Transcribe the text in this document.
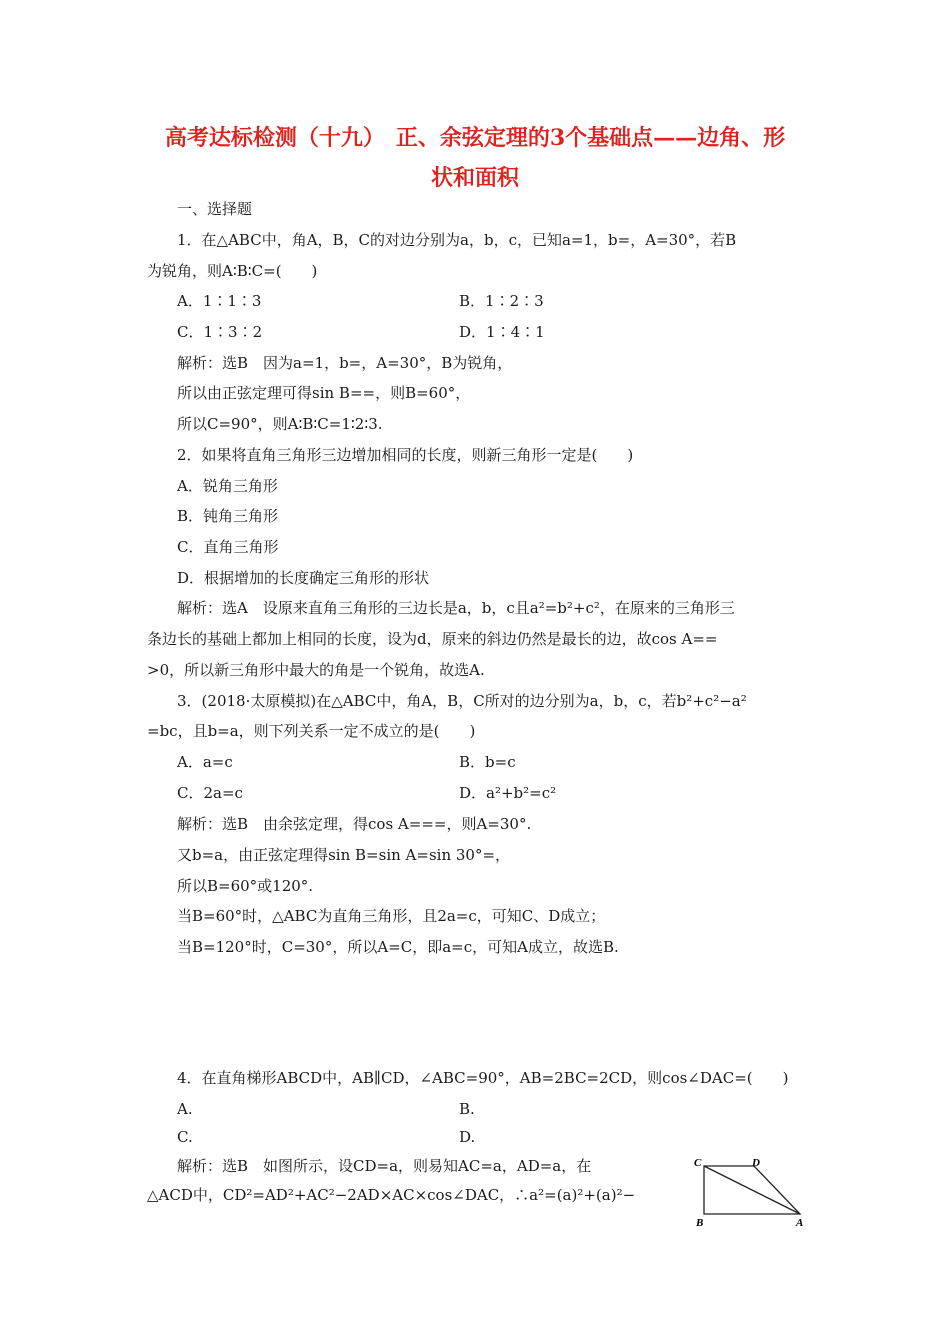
高考达标检测（十九）　正、余弦定理的3个基础点——边角、形
状和面积
一、选择题
1．在△ABC中，角A，B，C的对边分别为a，b，c，已知a=1，b=，A=30°，若B
为锐角，则A∶B∶C=(　　)
A．1∶1∶3	B．1∶2∶3
C．1∶3∶2	D．1∶4∶1
解析：选B　因为a=1，b=，A=30°，B为锐角，
所以由正弦定理可得sin B==，则B=60°，
所以C=90°，则A∶B∶C=1∶2∶3.
2．如果将直角三角形三边增加相同的长度，则新三角形一定是(　　)
A．锐角三角形
B．钝角三角形
C．直角三角形
D．根据增加的长度确定三角形的形状
解析：选A　设原来直角三角形的三边长是a，b，c且a²=b²+c²，在原来的三角形三
条边长的基础上都加上相同的长度，设为d，原来的斜边仍然是最长的边，故cos A==
>0，所以新三角形中最大的角是一个锐角，故选A.
3．(2018·太原模拟)在△ABC中，角A，B，C所对的边分别为a，b，c，若b²+c²−a²
=bc，且b=a，则下列关系一定不成立的是(　　)
A．a=c	B．b=c
C．2a=c	D．a²+b²=c²
解析：选B　由余弦定理，得cos A===，则A=30°.
又b=a，由正弦定理得sin B=sin A=sin 30°=，
所以B=60°或120°.
当B=60°时，△ABC为直角三角形，且2a=c，可知C、D成立；
当B=120°时，C=30°，所以A=C，即a=c，可知A成立，故选B.
4．在直角梯形ABCD中，AB∥CD，∠ABC=90°，AB=2BC=2CD，则cos∠DAC=(　　)
A.	B.
C.	D.
解析：选B　如图所示，设CD=a，则易知AC=a，AD=a，在
△ACD中，CD²=AD²+AC²−2AD×AC×cos∠DAC，∴a²=(a)²+(a)²−
C	D
B	A
